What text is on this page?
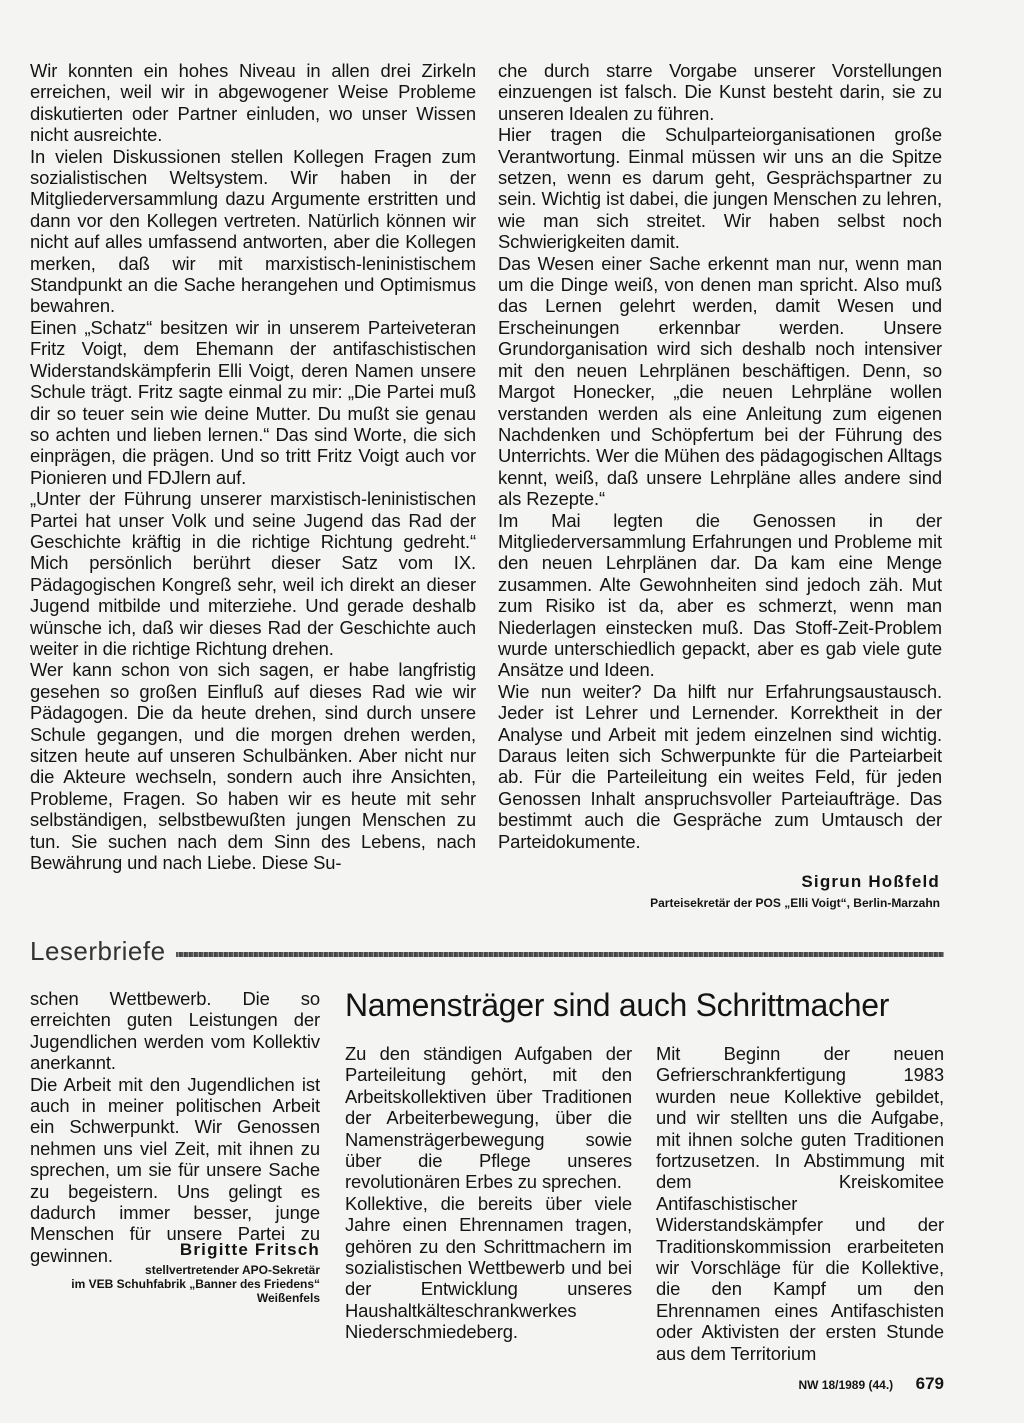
Wir konnten ein hohes Niveau in allen drei Zirkeln erreichen, weil wir in abgewogener Weise Probleme diskutierten oder Partner einluden, wo unser Wissen nicht ausreichte.

In vielen Diskussionen stellen Kollegen Fragen zum sozialistischen Weltsystem. Wir haben in der Mitgliederversammlung dazu Argumente erstritten und dann vor den Kollegen vertreten. Natürlich können wir nicht auf alles umfassend antworten, aber die Kollegen merken, daß wir mit marxistisch-leninistischem Standpunkt an die Sache herangehen und Optimismus bewahren.

Einen „Schatz“ besitzen wir in unserem Parteiveteran Fritz Voigt, dem Ehemann der antifaschistischen Widerstandskämpferin Elli Voigt, deren Namen unsere Schule trägt. Fritz sagte einmal zu mir: „Die Partei muß dir so teuer sein wie deine Mutter. Du mußt sie genau so achten und lieben lernen.“ Das sind Worte, die sich einprägen, die prägen. Und so tritt Fritz Voigt auch vor Pionieren und FDJlern auf.

„Unter der Führung unserer marxistisch-leninistischen Partei hat unser Volk und seine Jugend das Rad der Geschichte kräftig in die richtige Richtung gedreht.“ Mich persönlich berührt dieser Satz vom IX. Pädagogischen Kongreß sehr, weil ich direkt an dieser Jugend mitbilde und miterziehe. Und gerade deshalb wünsche ich, daß wir dieses Rad der Geschichte auch weiter in die richtige Richtung drehen.

Wer kann schon von sich sagen, er habe langfristig gesehen so großen Einfluß auf dieses Rad wie wir Pädagogen. Die da heute drehen, sind durch unsere Schule gegangen, und die morgen drehen werden, sitzen heute auf unseren Schulbänken. Aber nicht nur die Akteure wechseln, sondern auch ihre Ansichten, Probleme, Fragen. So haben wir es heute mit sehr selbständigen, selbstbewußten jungen Menschen zu tun. Sie suchen nach dem Sinn des Lebens, nach Bewährung und nach Liebe. Diese Su-

che durch starre Vorgabe unserer Vorstellungen einzuengen ist falsch. Die Kunst besteht darin, sie zu unseren Idealen zu führen.

Hier tragen die Schulparteiorganisationen große Verantwortung. Einmal müssen wir uns an die Spitze setzen, wenn es darum geht, Gesprächspartner zu sein. Wichtig ist dabei, die jungen Menschen zu lehren, wie man sich streitet. Wir haben selbst noch Schwierigkeiten damit.

Das Wesen einer Sache erkennt man nur, wenn man um die Dinge weiß, von denen man spricht. Also muß das Lernen gelehrt werden, damit Wesen und Erscheinungen erkennbar werden. Unsere Grundorganisation wird sich deshalb noch intensiver mit den neuen Lehrplänen beschäftigen. Denn, so Margot Honecker, „die neuen Lehrpläne wollen verstanden werden als eine Anleitung zum eigenen Nachdenken und Schöpfertum bei der Führung des Unterrichts. Wer die Mühen des pädagogischen Alltags kennt, weiß, daß unsere Lehrpläne alles andere sind als Rezepte.“

Im Mai legten die Genossen in der Mitgliederversammlung Erfahrungen und Probleme mit den neuen Lehrplänen dar. Da kam eine Menge zusammen. Alte Gewohnheiten sind jedoch zäh. Mut zum Risiko ist da, aber es schmerzt, wenn man Niederlagen einstecken muß. Das Stoff-Zeit-Problem wurde unterschiedlich gepackt, aber es gab viele gute Ansätze und Ideen.

Wie nun weiter? Da hilft nur Erfahrungsaustausch. Jeder ist Lehrer und Lernender. Korrektheit in der Analyse und Arbeit mit jedem einzelnen sind wichtig. Daraus leiten sich Schwerpunkte für die Parteiarbeit ab. Für die Parteileitung ein weites Feld, für jeden Genossen Inhalt anspruchsvoller Parteiaufträge. Das bestimmt auch die Gespräche zum Umtausch der Parteidokumente.

Sigrun Hoßfeld
Parteisekretär der POS „Elli Voigt“, Berlin-Marzahn
Leserbriefe

schen Wettbewerb. Die so erreichten guten Leistungen der Jugendlichen werden vom Kollektiv anerkannt.

Die Arbeit mit den Jugendlichen ist auch in meiner politischen Arbeit ein Schwerpunkt. Wir Genossen nehmen uns viel Zeit, mit ihnen zu sprechen, um sie für unsere Sache zu begeistern. Uns gelingt es dadurch immer besser, junge Menschen für unsere Partei zu gewinnen.	Brigitte Fritsch
stellvertretender APO-Sekretär
im VEB Schuhfabrik „Banner des Friedens“
Weißenfels
Namensträger sind auch Schrittmacher

Zu den ständigen Aufgaben der Parteileitung gehört, mit den Arbeitskollektiven über Traditionen der Arbeiterbewegung, über die Namensträgerbewegung sowie über die Pflege unseres revolutionären Erbes zu sprechen.

Kollektive, die bereits über viele Jahre einen Ehrennamen tragen, gehören zu den Schrittmachern im sozialistischen Wettbewerb und bei der Entwicklung unseres Haushaltkälteschrankwerkes Niederschmiedeberg.

Mit Beginn der neuen Gefrierschrankfertigung 1983 wurden neue Kollektive gebildet, und wir stellten uns die Aufgabe, mit ihnen solche guten Traditionen fortzusetzen. In Abstimmung mit dem Kreiskomitee Antifaschistischer Widerstandskämpfer und der Traditionskommission erarbeiteten wir Vorschläge für die Kollektive, die den Kampf um den Ehrennamen eines Antifaschisten oder Aktivisten der ersten Stunde aus dem Territorium

NW 18/1989 (44.) 679
